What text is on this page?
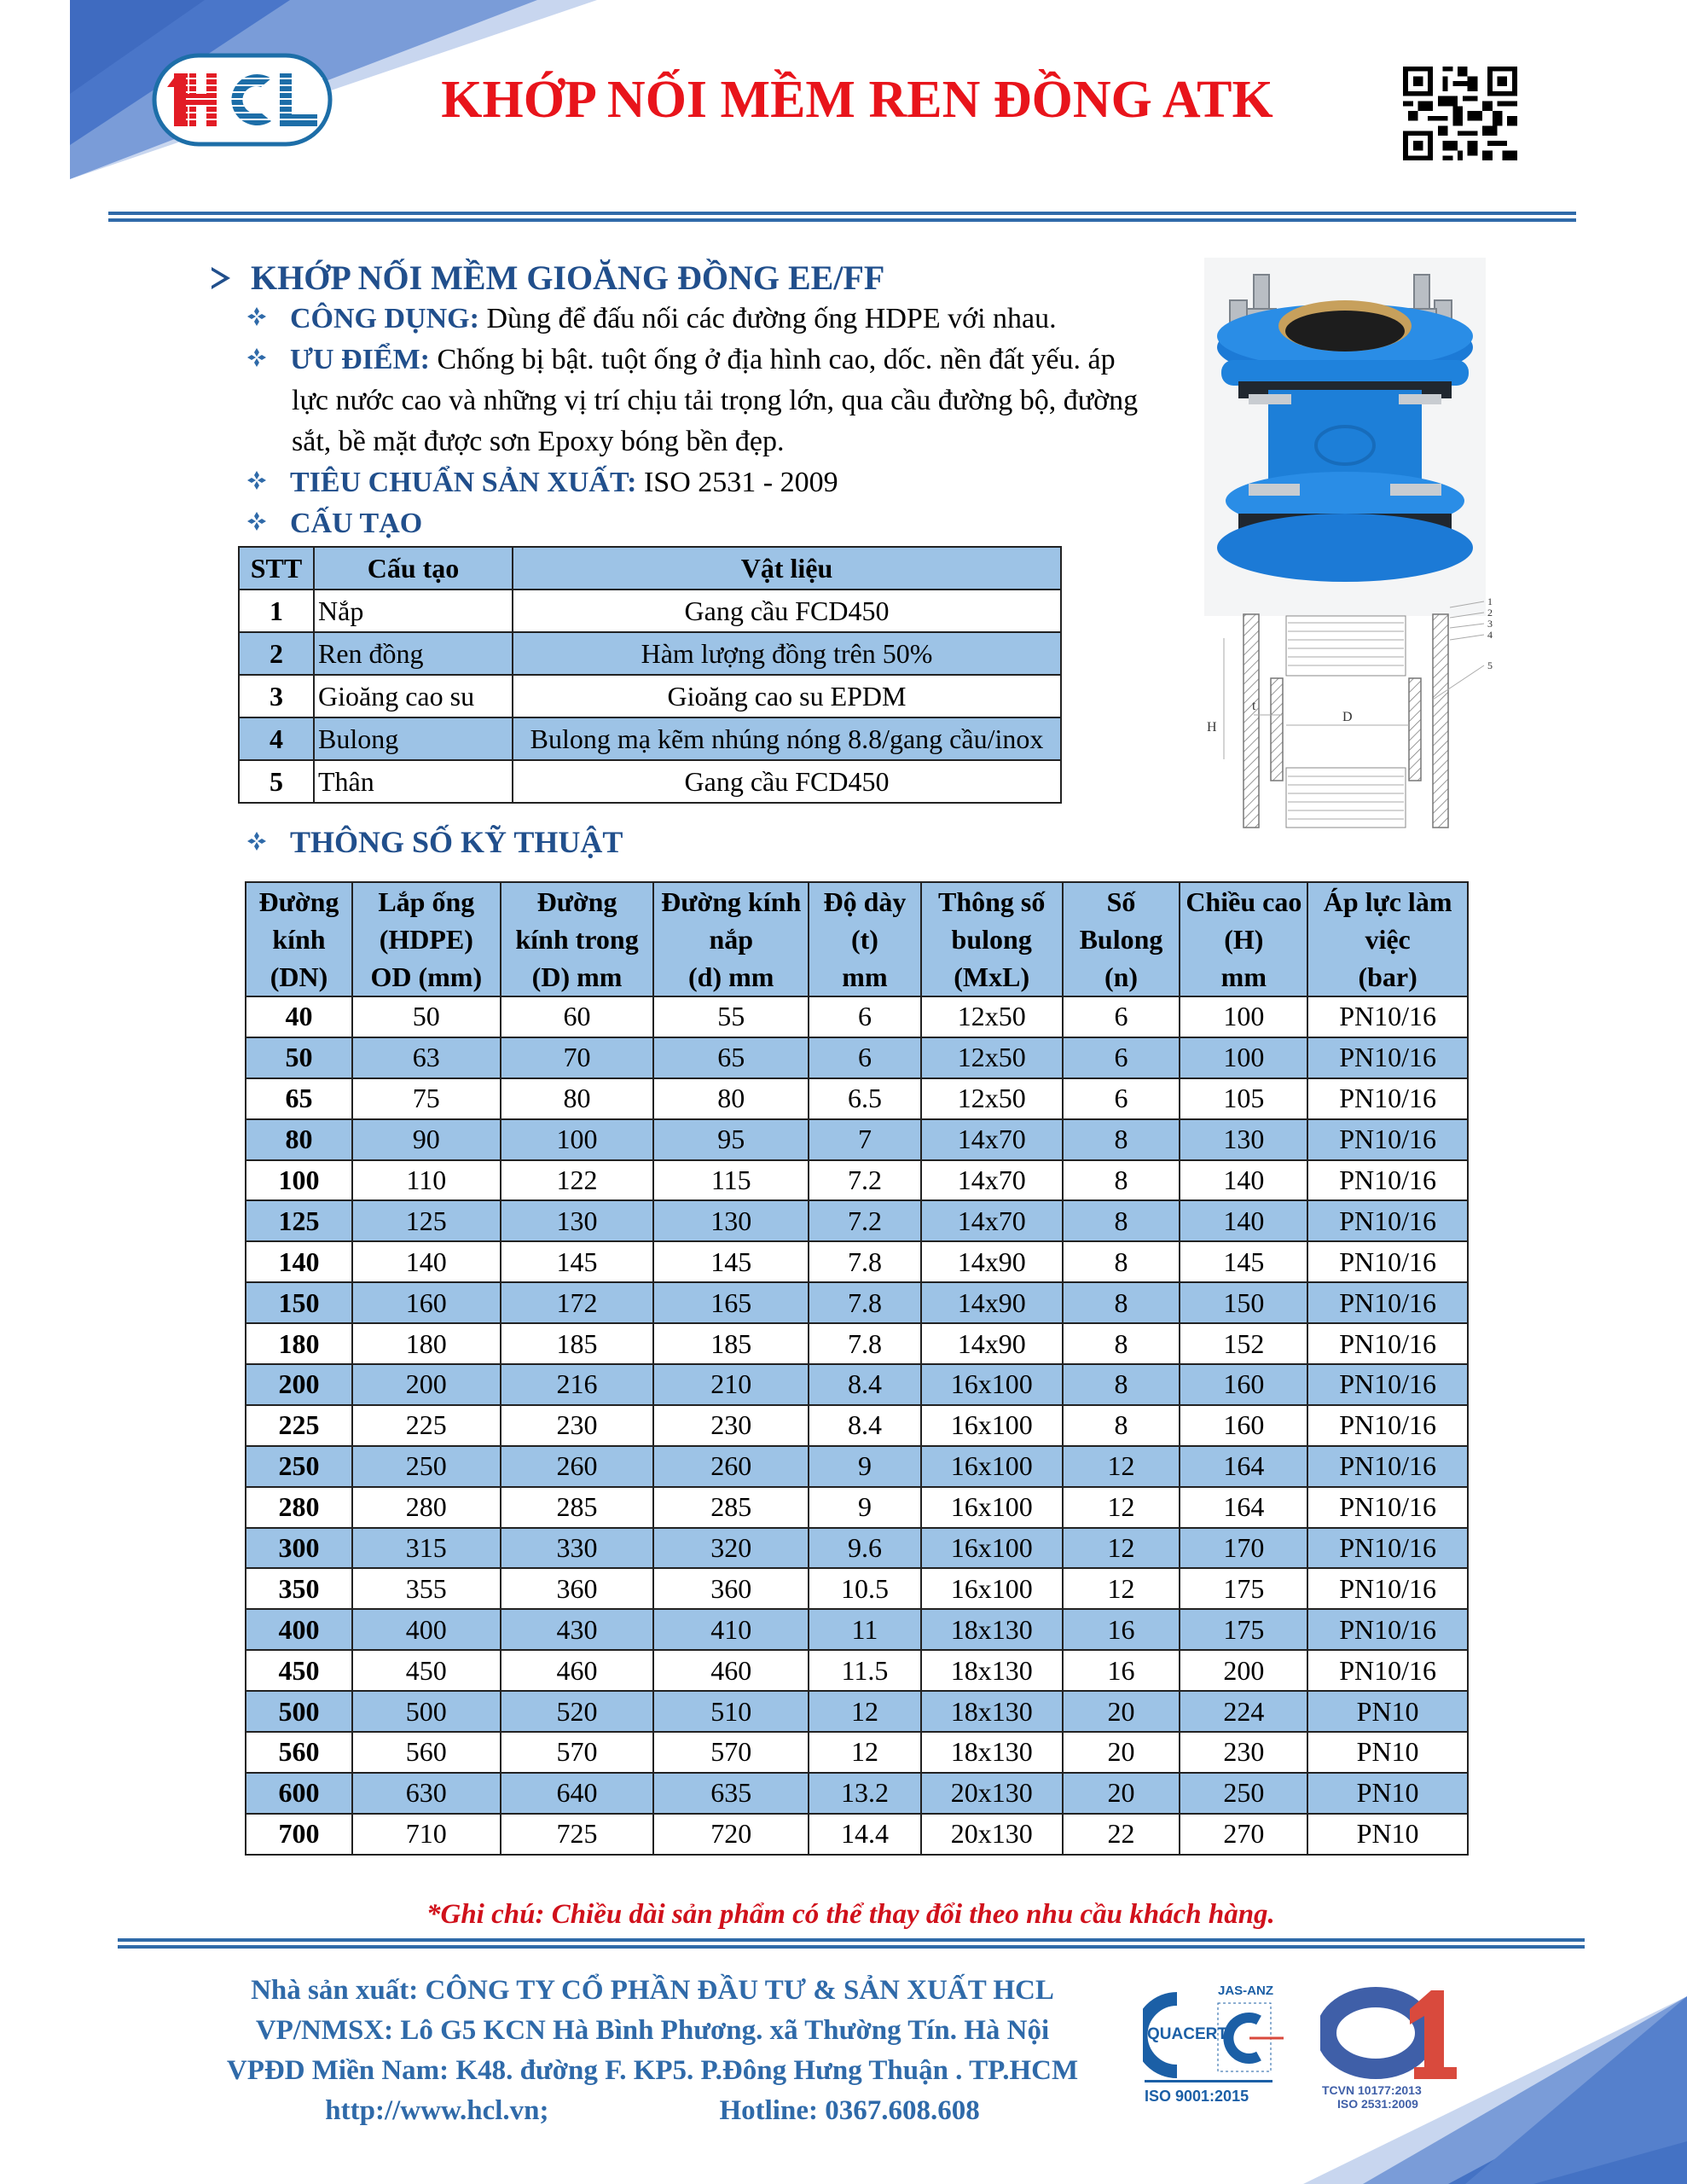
KHỚP NỐI MỀM REN ĐỒNG ATK
KHỚP NỐI MỀM GIOĂNG ĐỒNG EE/FF
CÔNG DỤNG: Dùng để đấu nối các đường ống HDPE với nhau.
ƯU ĐIỂM: Chống bị bật. tuột ống ở địa hình cao, dốc. nền đất yếu. áp
lực nước cao và những vị trí chịu tải trọng lớn, qua cầu đường bộ, đường
sắt, bề mặt được sơn Epoxy bóng bền đẹp.
TIÊU CHUẨN SẢN XUẤT: ISO 2531 - 2009
CẤU TẠO
STT	Cấu tạo	Vật liệu
1	Nắp	Gang cầu FCD450
2	Ren đồng	Hàm lượng đồng trên 50%
3	Gioăng cao su	Gioăng cao su EPDM
4	Bulong	Bulong mạ kẽm nhúng nóng 8.8/gang cầu/inox
5	Thân	Gang cầu FCD450
H
D
t
1
2
3
4
5
THÔNG SỐ KỸ THUẬT
Đường
kính
(DN)

Lắp ống
(HDPE)
OD (mm)

Đường
kính trong
(D) mm

Đường kính
nắp
(d) mm

Độ dày
(t)
mm

Thông số
bulong
(MxL)

Số
Bulong
(n)

Chiều cao
(H)
mm

Áp lực làm
việc
(bar)

40	50	60	55	6	12x50	6	100	PN10/16
50	63	70	65	6	12x50	6	100	PN10/16
65	75	80	80	6.5	12x50	6	105	PN10/16
80	90	100	95	7	14x70	8	130	PN10/16
100	110	122	115	7.2	14x70	8	140	PN10/16
125	125	130	130	7.2	14x70	8	140	PN10/16
140	140	145	145	7.8	14x90	8	145	PN10/16
150	160	172	165	7.8	14x90	8	150	PN10/16
180	180	185	185	7.8	14x90	8	152	PN10/16
200	200	216	210	8.4	16x100	8	160	PN10/16
225	225	230	230	8.4	16x100	8	160	PN10/16
250	250	260	260	9	16x100	12	164	PN10/16
280	280	285	285	9	16x100	12	164	PN10/16
300	315	330	320	9.6	16x100	12	170	PN10/16
350	355	360	360	10.5	16x100	12	175	PN10/16
400	400	430	410	11	18x130	16	175	PN10/16
450	450	460	460	11.5	18x130	16	200	PN10/16
500	500	520	510	12	18x130	20	224	PN10
560	560	570	570	12	18x130	20	230	PN10
600	630	640	635	13.2	20x130	20	250	PN10
700	710	725	720	14.4	20x130	22	270	PN10
*Ghi chú: Chiều dài sản phẩm có thể thay đổi theo nhu cầu khách hàng.
Nhà sản xuất: CÔNG TY CỔ PHẦN ĐẦU TƯ & SẢN XUẤT HCL
VP/NMSX: Lô G5 KCN Hà Bình Phương. xã Thường Tín. Hà Nội
VPĐD Miền Nam: K48. đường F. KP5. P.Đông Hưng Thuận . TP.HCM
http://www.hcl.vn;	Hotline: 0367.608.608
QUACERT
JAS-ANZ
ISO 9001:2015	TCVN 10177:2013
ISO 2531:2009
